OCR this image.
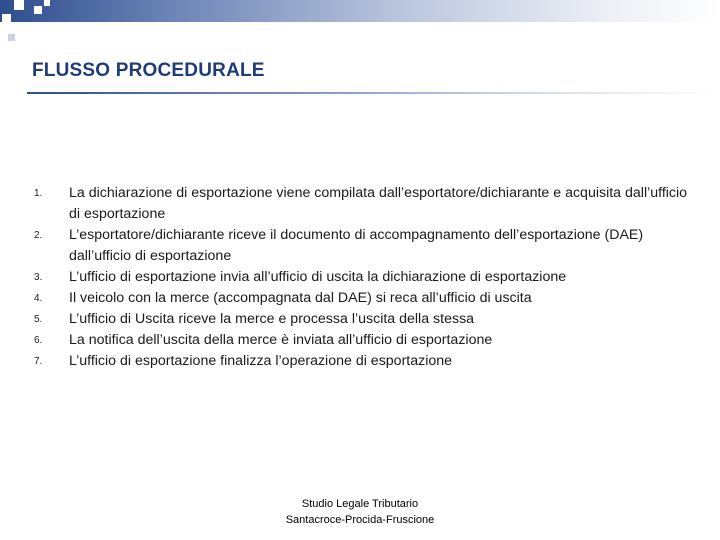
FLUSSO PROCEDURALE
1. La dichiarazione di esportazione viene compilata dall’esportatore/dichiarante e acquisita dall’ufficio di esportazione
2. L’esportatore/dichiarante riceve il documento di accompagnamento dell’esportazione (DAE) dall’ufficio di esportazione
3. L’ufficio di esportazione invia all’ufficio di uscita la dichiarazione di esportazione
4. Il veicolo con la merce (accompagnata dal DAE) si reca all’ufficio di uscita
5. L’ufficio di Uscita riceve la merce e processa l’uscita della stessa
6. La notifica dell’uscita della merce è inviata all’ufficio di esportazione
7. L’ufficio di esportazione finalizza l’operazione di esportazione
Studio Legale Tributario
Santacroce-Procida-Fruscione
